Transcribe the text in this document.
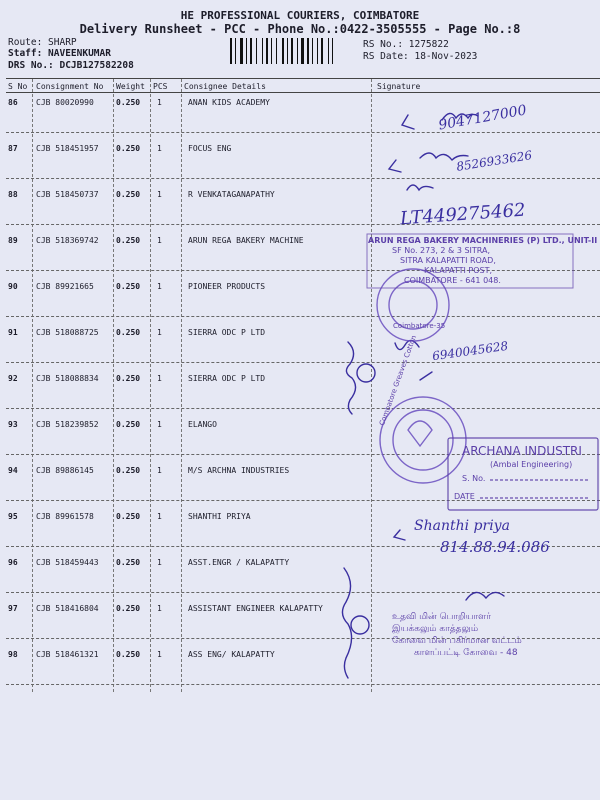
HE PROFESSIONAL COURIERS, COIMBATORE
Delivery Runsheet - PCC - Phone No.:0422-3505555 - Page No.:8
Route: SHARP
Staff: NAVEENKUMAR
DRS No.: DCJB127582208
RS No.: 1275822
RS Date: 18-Nov-2023
S No Consignment No Weight PCS Consignee Details	Signature
86 CJB 80020990	0.250 1	ANAN KIDS ACADEMY
87 CJB 518451957 0.250 1	FOCUS ENG
88 CJB 518450737 0.250 1	R VENKATAGANAPATHY
89 CJB 518369742 0.250 1	ARUN REGA BAKERY MACHINE
90 CJB 89921665	0.250 1	PIONEER PRODUCTS
91 CJB 518088725 0.250 1	SIERRA ODC P LTD
92 CJB 518088834 0.250 1	SIERRA ODC P LTD
93 CJB 518239852 0.250 1	ELANGO
94 CJB 89886145	0.250 1	M/S ARCHNA INDUSTRIES
95 CJB 89961578	0.250 1	SHANTHI PRIYA
96 CJB 518459443 0.250 1	ASST.ENGR / KALAPATTY
97 CJB 518416804 0.250 1	ASSISTANT ENGINEER KALAPATTY
98 CJB 518461321 0.250 1	ASS ENG/ KALAPATTY
9047127000
8526933626
LT449275462
6940045628
Shanthi priya
814.88.94.086
ARUN REGA BAKERY MACHINERIES (P) LTD., UNIT-II
SF No. 273, 2 & 3 SITRA,
SITRA KALAPATTI ROAD,
KALAPATTI POST,
COIMBATORE - 641 048.
Coimbatore-35
Combatore Greaves Cotton
ARCHANA INDUSTRI
(Ambal Engineering)
S. No.
DATE
உதவி மின் பொறியாளர்
இயக்கலும் காத்தலும்
கோவை மின் பகிர்மான வட்டம்
காளப்பட்டி கோவை - 48
